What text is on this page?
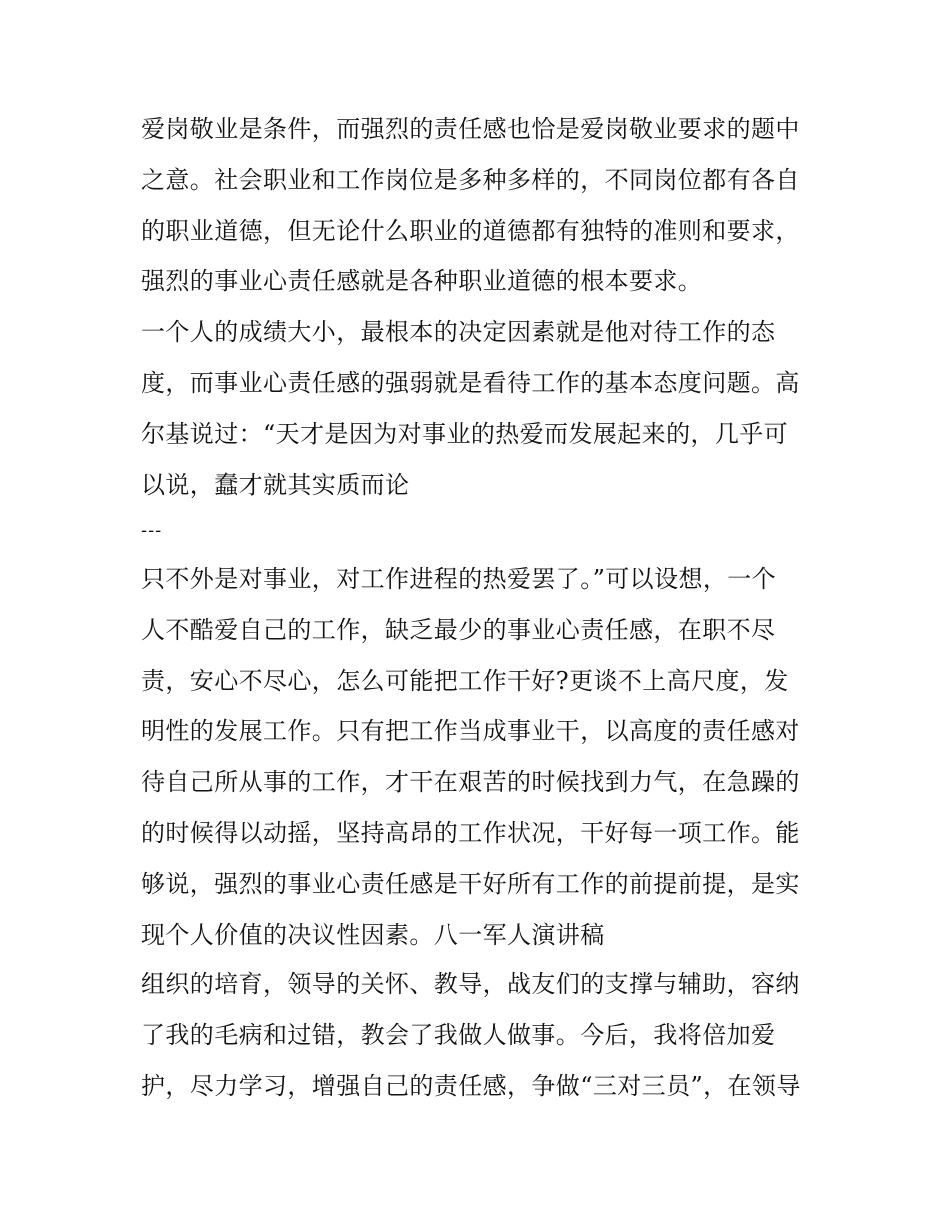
爱岗敬业是条件，而强烈的责任感也恰是爱岗敬业要求的题中
之意。社会职业和工作岗位是多种多样的，不同岗位都有各自
的职业道德，但无论什么职业的道德都有独特的准则和要求，
强烈的事业心责任感就是各种职业道德的根本要求。
一个人的成绩大小，最根本的决定因素就是他对待工作的态
度，而事业心责任感的强弱就是看待工作的基本态度问题。高
尔基说过：“天才是因为对事业的热爱而发展起来的，几乎可
以说，蠢才就其实质而论
---
只不外是对事业，对工作进程的热爱罢了。”可以设想，一个
人不酷爱自己的工作，缺乏最少的事业心责任感，在职不尽
责，安心不尽心，怎么可能把工作干好?更谈不上高尺度，发
明性的发展工作。只有把工作当成事业干，以高度的责任感对
待自己所从事的工作，才干在艰苦的时候找到力气，在急躁的
的时候得以动摇，坚持高昂的工作状况，干好每一项工作。能
够说，强烈的事业心责任感是干好所有工作的前提前提，是实
现个人价值的决议性因素。八一军人演讲稿
组织的培育，领导的关怀、教导，战友们的支撑与辅助，容纳
了我的毛病和过错，教会了我做人做事。今后，我将倍加爱
护，尽力学习，增强自己的责任感，争做“三对三员”，在领导
